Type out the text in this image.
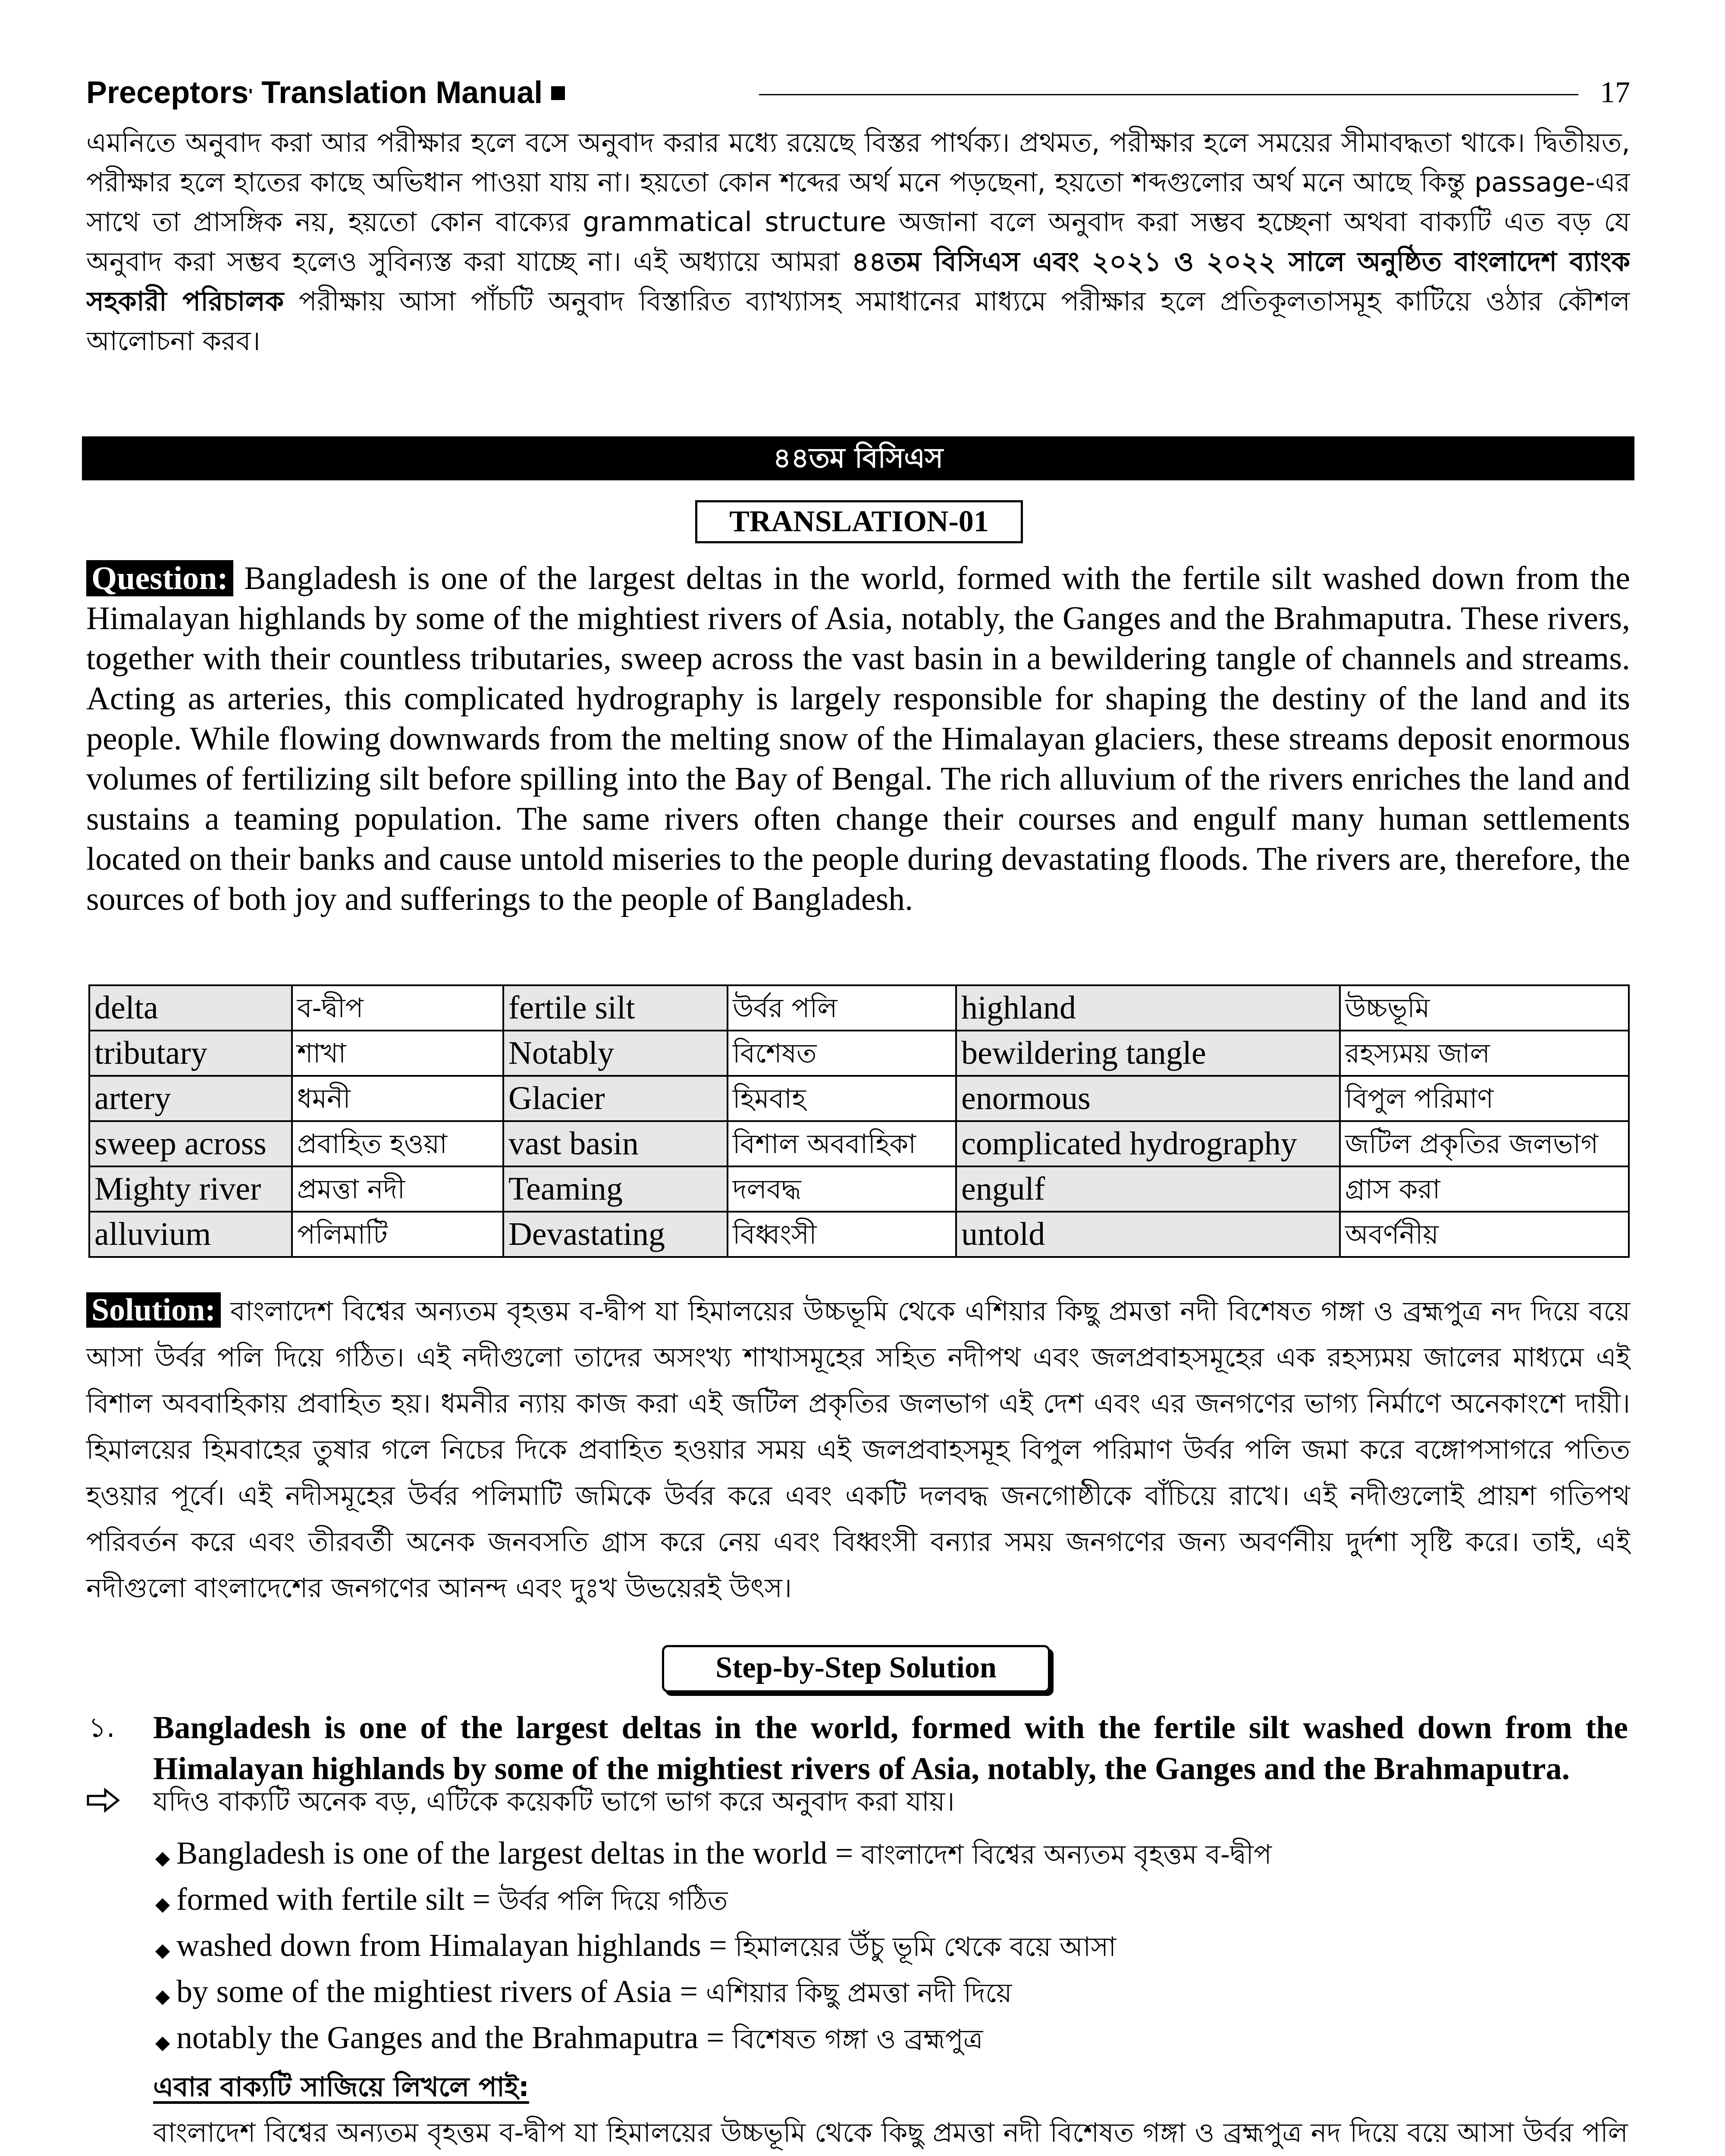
Preceptors' Translation Manual	17
এমনিতে অনুবাদ করা আর পরীক্ষার হলে বসে অনুবাদ করার মধ্যে রয়েছে বিস্তর পার্থক্য। প্রথমত, পরীক্ষার হলে সময়ের সীমাবদ্ধতা থাকে। দ্বিতীয়ত, পরীক্ষার হলে হাতের কাছে অভিধান পাওয়া যায় না। হয়তো কোন শব্দের অর্থ মনে পড়ছেনা, হয়তো শব্দগুলোর অর্থ মনে আছে কিন্তু passage-এর সাথে তা প্রাসঙ্গিক নয়, হয়তো কোন বাক্যের grammatical structure অজানা বলে অনুবাদ করা সম্ভব হচ্ছেনা অথবা বাক্যটি এত বড় যে অনুবাদ করা সম্ভব হলেও সুবিন্যস্ত করা যাচ্ছে না। এই অধ্যায়ে আমরা ৪৪তম বিসিএস এবং ২০২১ ও ২০২২ সালে অনুষ্ঠিত বাংলাদেশ ব্যাংক সহকারী পরিচালক পরীক্ষায় আসা পাঁচটি অনুবাদ বিস্তারিত ব্যাখ্যাসহ সমাধানের মাধ্যমে পরীক্ষার হলে প্রতিকূলতাসমূহ কাটিয়ে ওঠার কৌশল আলোচনা করব।
৪৪তম বিসিএস
TRANSLATION-01
Question: Bangladesh is one of the largest deltas in the world, formed with the fertile silt washed down from the Himalayan highlands by some of the mightiest rivers of Asia, notably, the Ganges and the Brahmaputra. These rivers, together with their countless tributaries, sweep across the vast basin in a bewildering tangle of channels and streams. Acting as arteries, this complicated hydrography is largely responsible for shaping the destiny of the land and its people. While flowing downwards from the melting snow of the Himalayan glaciers, these streams deposit enormous volumes of fertilizing silt before spilling into the Bay of Bengal. The rich alluvium of the rivers enriches the land and sustains a teaming population. The same rivers often change their courses and engulf many human settlements located on their banks and cause untold miseries to the people during devastating floods. The rivers are, therefore, the sources of both joy and sufferings to the people of Bangladesh.
delta	ব-দ্বীপ	fertile silt	উর্বর পলি	highland	উচ্চভূমি
tributary	শাখা	Notably	বিশেষত	bewildering tangle	রহস্যময় জাল
artery	ধমনী	Glacier	হিমবাহ	enormous	বিপুল পরিমাণ
sweep across	প্রবাহিত হওয়া	vast basin	বিশাল অববাহিকা	complicated hydrography	জটিল প্রকৃতির জলভাগ
Mighty river	প্রমত্তা নদী	Teaming	দলবদ্ধ	engulf	গ্রাস করা
alluvium	পলিমাটি	Devastating	বিধ্বংসী	untold	অবর্ণনীয়
Solution: বাংলাদেশ বিশ্বের অন্যতম বৃহত্তম ব-দ্বীপ যা হিমালয়ের উচ্চভূমি থেকে এশিয়ার কিছু প্রমত্তা নদী বিশেষত গঙ্গা ও ব্রহ্মপুত্র নদ দিয়ে বয়ে আসা উর্বর পলি দিয়ে গঠিত। এই নদীগুলো তাদের অসংখ্য শাখাসমূহের সহিত নদীপথ এবং জলপ্রবাহসমূহের এক রহস্যময় জালের মাধ্যমে এই বিশাল অববাহিকায় প্রবাহিত হয়। ধমনীর ন্যায় কাজ করা এই জটিল প্রকৃতির জলভাগ এই দেশ এবং এর জনগণের ভাগ্য নির্মাণে অনেকাংশে দায়ী। হিমালয়ের হিমবাহের তুষার গলে নিচের দিকে প্রবাহিত হওয়ার সময় এই জলপ্রবাহসমূহ বিপুল পরিমাণ উর্বর পলি জমা করে বঙ্গোপসাগরে পতিত হওয়ার পূর্বে। এই নদীসমূহের উর্বর পলিমাটি জমিকে উর্বর করে এবং একটি দলবদ্ধ জনগোষ্ঠীকে বাঁচিয়ে রাখে। এই নদীগুলোই প্রায়শ গতিপথ পরিবর্তন করে এবং তীরবর্তী অনেক জনবসতি গ্রাস করে নেয় এবং বিধ্বংসী বন্যার সময় জনগণের জন্য অবর্ণনীয় দুর্দশা সৃষ্টি করে। তাই, এই নদীগুলো বাংলাদেশের জনগণের আনন্দ এবং দুঃখ উভয়েরই উৎস।
Step-by-Step Solution
১. Bangladesh is one of the largest deltas in the world, formed with the fertile silt washed down from the Himalayan highlands by some of the mightiest rivers of Asia, notably, the Ganges and the Brahmaputra.
যদিও বাক্যটি অনেক বড়, এটিকে কয়েকটি ভাগে ভাগ করে অনুবাদ করা যায়।
Bangladesh is one of the largest deltas in the world = বাংলাদেশ বিশ্বের অন্যতম বৃহত্তম ব-দ্বীপ
formed with fertile silt = উর্বর পলি দিয়ে গঠিত
washed down from Himalayan highlands = হিমালয়ের উঁচু ভূমি থেকে বয়ে আসা
by some of the mightiest rivers of Asia = এশিয়ার কিছু প্রমত্তা নদী দিয়ে
notably the Ganges and the Brahmaputra = বিশেষত গঙ্গা ও ব্রহ্মপুত্র
এবার বাক্যটি সাজিয়ে লিখলে পাই:
বাংলাদেশ বিশ্বের অন্যতম বৃহত্তম ব-দ্বীপ যা হিমালয়ের উচ্চভূমি থেকে কিছু প্রমত্তা নদী বিশেষত গঙ্গা ও ব্রহ্মপুত্র নদ দিয়ে বয়ে আসা উর্বর পলি
